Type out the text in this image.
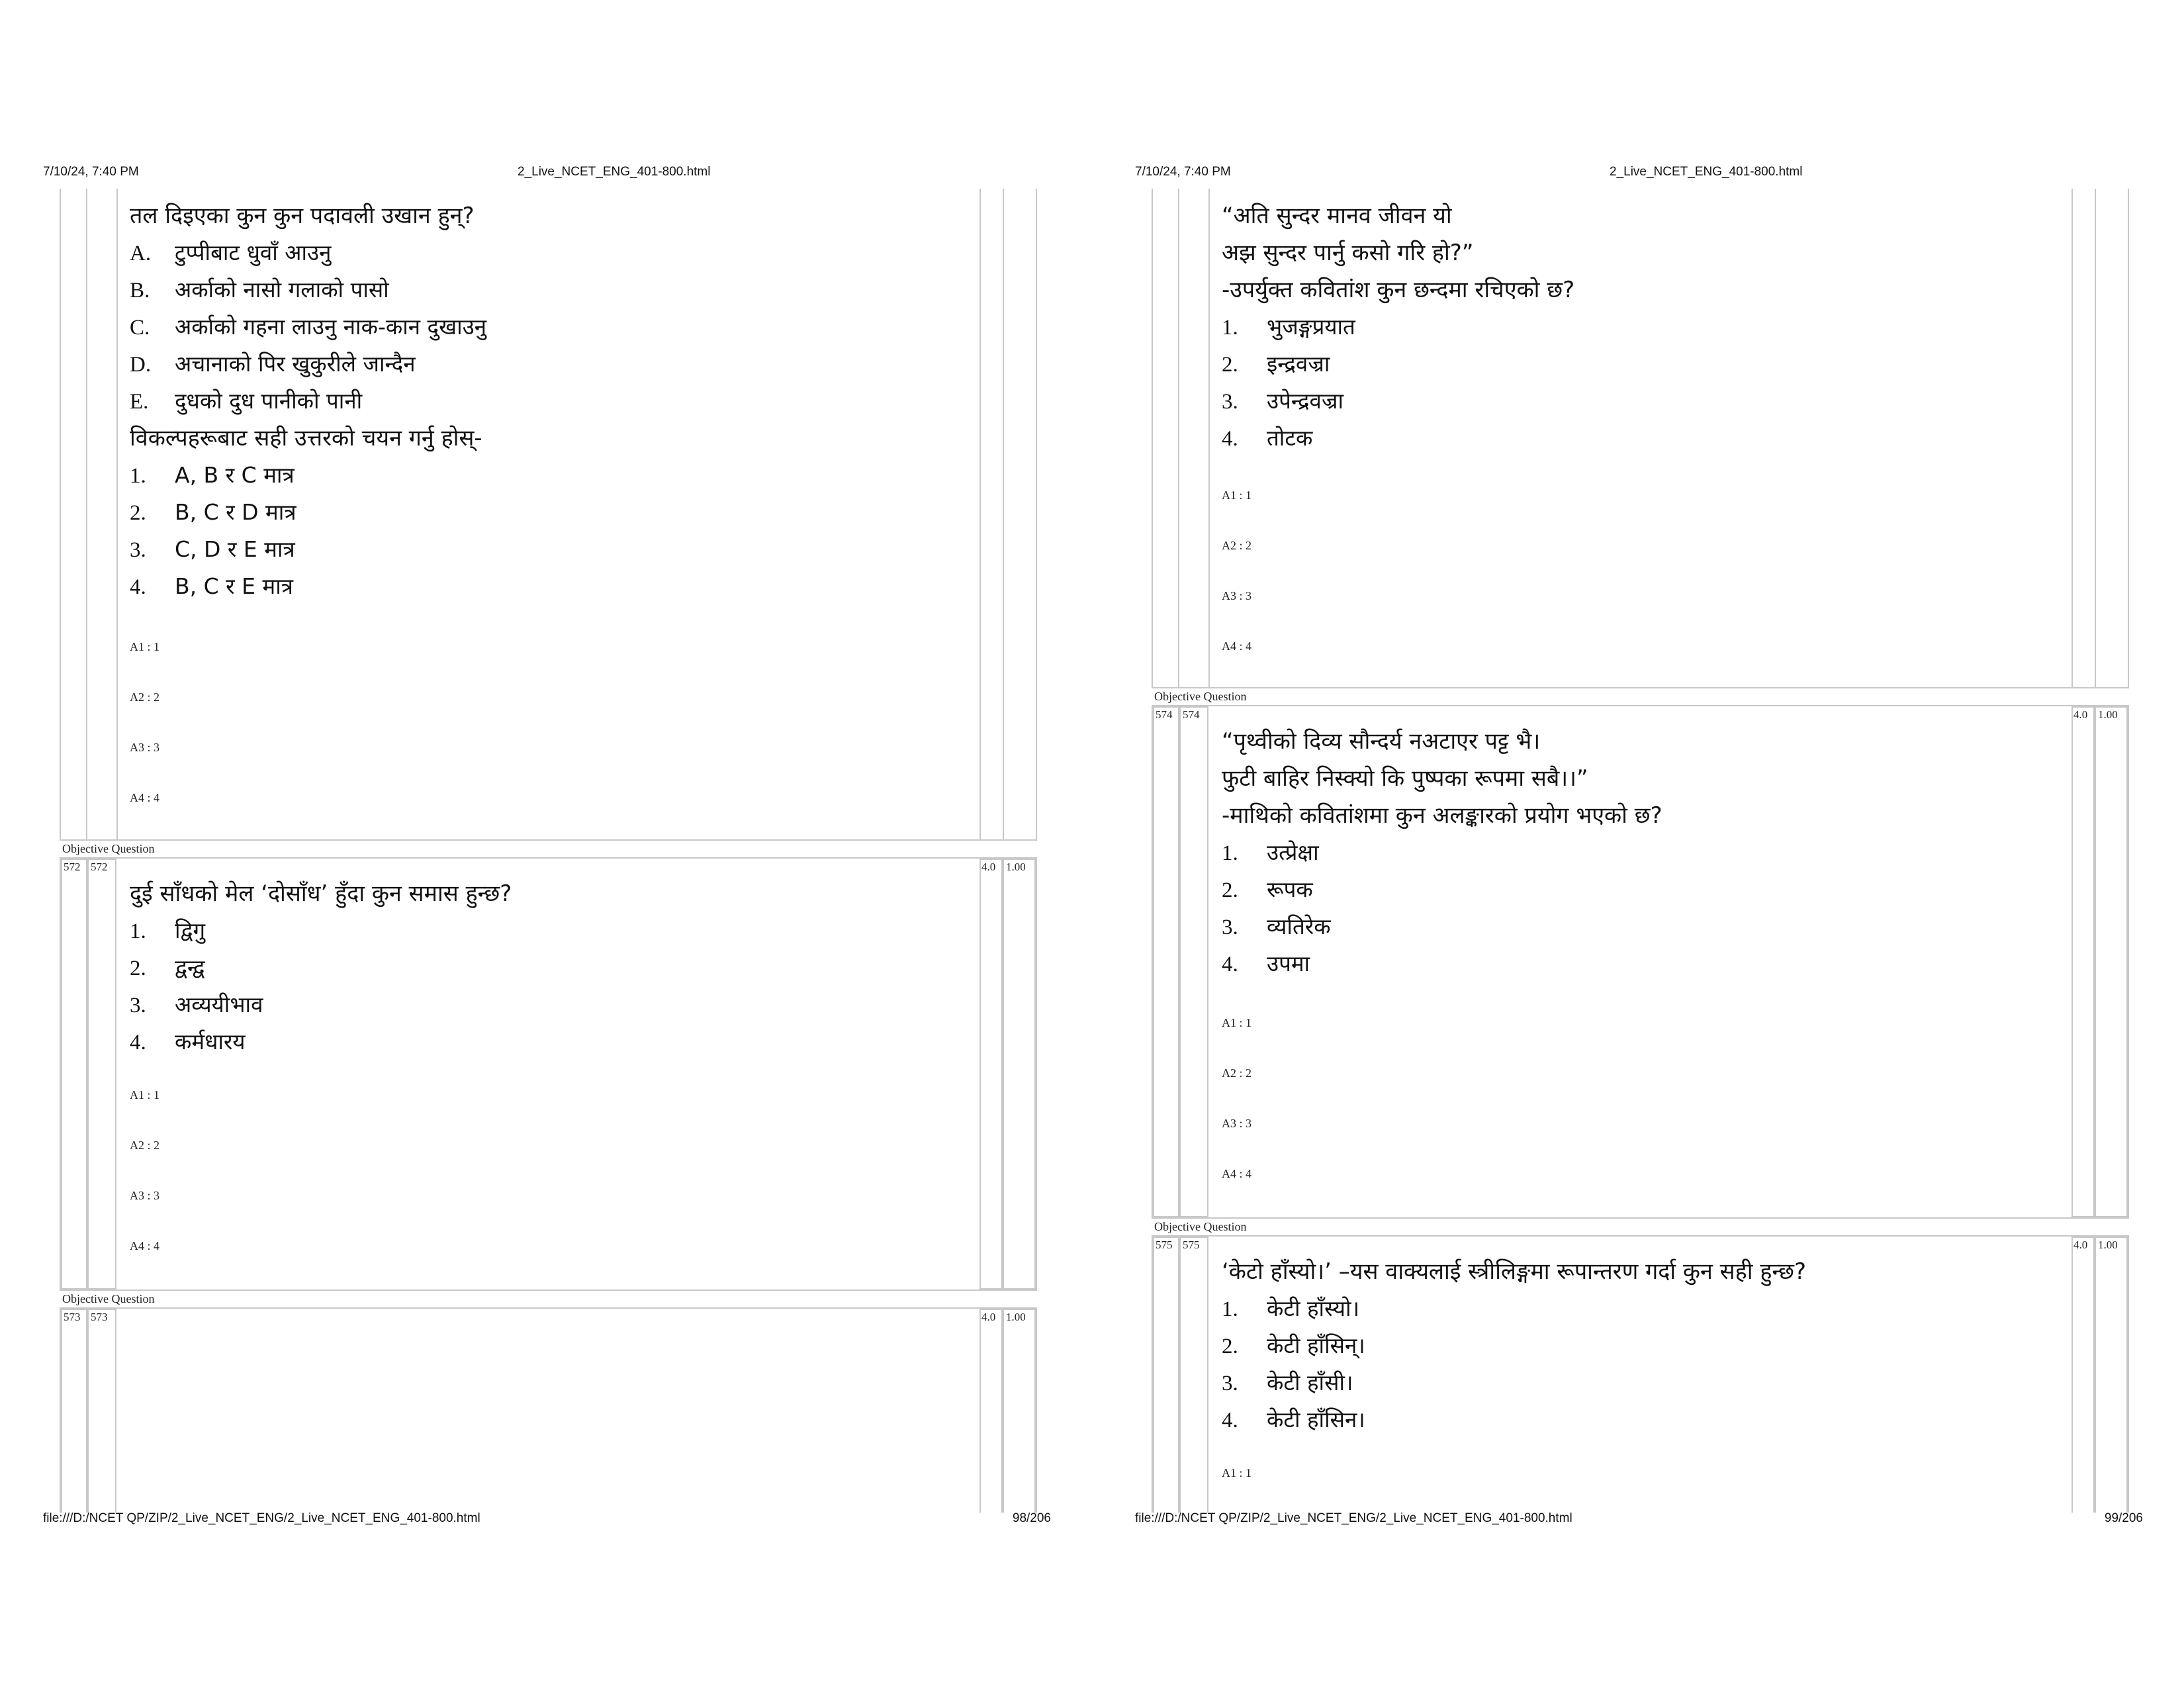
7/10/24, 7:40 PM	2_Live_NCET_ENG_401-800.html
तल दिइएका कुन कुन पदावली उखान हुन्?
A. टुप्पीबाट धुवाँ आउनु
B. अर्काको नासो गलाको पासो
C. अर्काको गहना लाउनु नाक-कान दुखाउनु
D. अचानाको पिर खुकुरीले जान्दैन
E. दुधको दुध पानीको पानी
विकल्पहरूबाट सही उत्तरको चयन गर्नु होस्-
1. A, B र C मात्र
2. B, C र D मात्र
3. C, D र E मात्र
4. B, C र E मात्र
A1 : 1
A2 : 2
A3 : 3
A4 : 4
Objective Question
572 572	4.0 1.00
दुई साँधको मेल ‘दोसाँध’ हुँदा कुन समास हुन्छ?
1. द्विगु
2. द्वन्द्व
3. अव्ययीभाव
4. कर्मधारय
A1 : 1
A2 : 2
A3 : 3
A4 : 4
Objective Question
573 573	4.0 1.00
file:///D:/NCET QP/ZIP/2_Live_NCET_ENG/2_Live_NCET_ENG_401-800.html	98/206
7/10/24, 7:40 PM	2_Live_NCET_ENG_401-800.html
“अति सुन्दर मानव जीवन यो
अझ सुन्दर पार्नु कसो गरि हो?”
-उपर्युक्त कवितांश कुन छन्दमा रचिएको छ?
1. भुजङ्गप्रयात
2. इन्द्रवज्रा
3. उपेन्द्रवज्रा
4. तोटक
A1 : 1
A2 : 2
A3 : 3
A4 : 4
Objective Question
574 574	4.0 1.00
“पृथ्वीको दिव्य सौन्दर्य नअटाएर पट्ट भै।
फुटी बाहिर निस्क्यो कि पुष्पका रूपमा सबै।।”
-माथिको कवितांशमा कुन अलङ्कारको प्रयोग भएको छ?
1. उत्प्रेक्षा
2. रूपक
3. व्यतिरेक
4. उपमा
A1 : 1
A2 : 2
A3 : 3
A4 : 4
Objective Question
575 575	4.0 1.00
‘केटो हाँस्यो।’ –यस वाक्यलाई स्त्रीलिङ्गमा रूपान्तरण गर्दा कुन सही हुन्छ?
1. केटी हाँस्यो।
2. केटी हाँसिन्।
3. केटी हाँसी।
4. केटी हाँसिन।
A1 : 1
file:///D:/NCET QP/ZIP/2_Live_NCET_ENG/2_Live_NCET_ENG_401-800.html	99/206
